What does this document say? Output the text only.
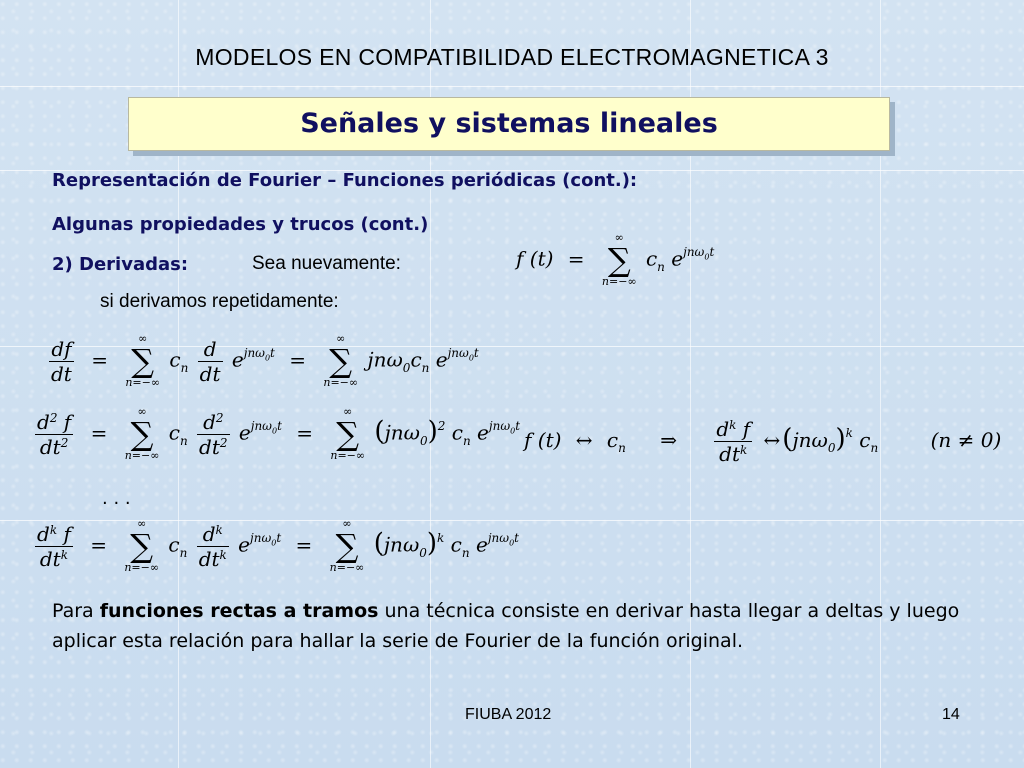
MODELOS EN COMPATIBILIDAD ELECTROMAGNETICA 3
Señales y sistemas lineales
Representación de Fourier – Funciones periódicas (cont.):
Algunas propiedades y trucos (cont.)
2) Derivadas:	Sea nuevamente:
si derivamos repetidamente:
f (t) =
∞
∑
n=−∞
$c_n$ $e^{jn\omega_0t}$
$\frac{df}{dt}$ =
∞
∑
n=−∞
$c_n \frac{d}{dt} e^{jn\omega_0t}$ =
∞
∑
n=−∞
$jn\omega_0c_n$ $e^{jn\omega_0t}$
$\frac{d^2 f}{dt^2}$ =
∞
∑
n=−∞
$c_n \frac{d^2}{dt^2} e^{jn\omega_0t}$ =
∞
∑
n=−∞
$(jn\omega_0)^2$ $c_n$ $e^{jn\omega_0t}$
f (t) ↔ $c_n$ ⇒ $\frac{d^k f}{dt^k}$ $\leftrightarrow(jn\omega_0)^k$ $c_n$	(n ≠ 0)
. . .
$\frac{d^k f}{dt^k}$ =
∞
∑
n=−∞
$c_n \frac{d^k}{dt^k} e^{jn\omega_0t}$ =
∞
∑
n=−∞
$(jn\omega_0)^k$ $c_n$ $e^{jn\omega_0t}$
Para funciones rectas a tramos una técnica consiste en derivar hasta llegar a deltas y luego aplicar esta relación para hallar la serie de Fourier de la función original.
FIUBA 2012	14
